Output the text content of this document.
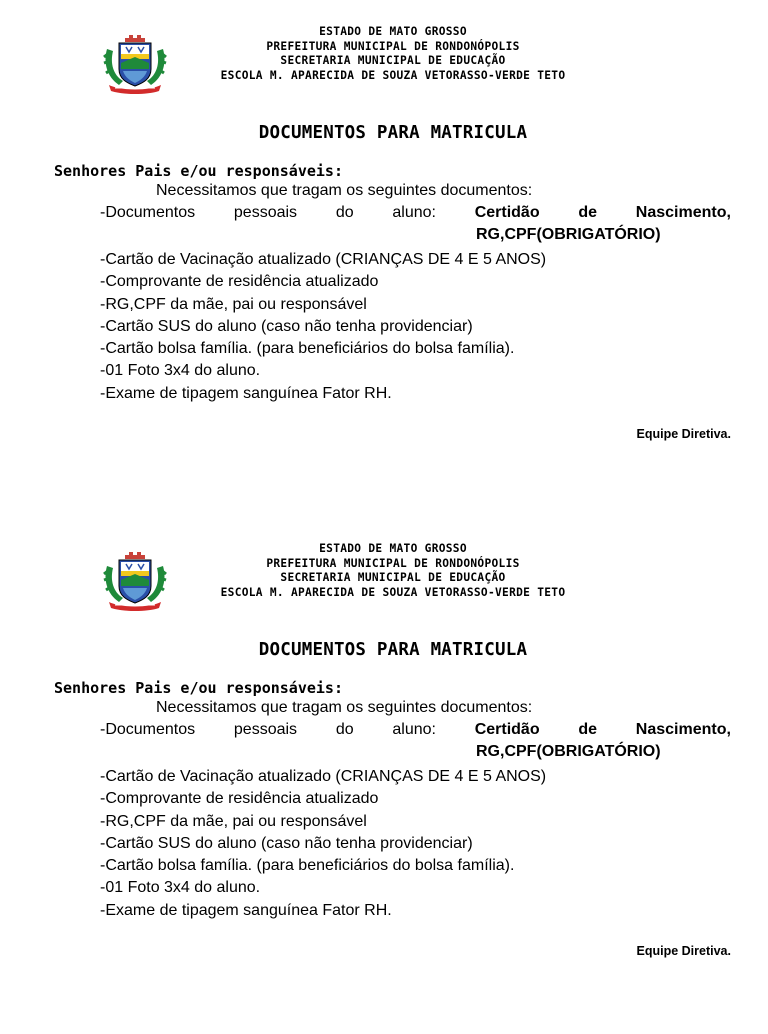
ESTADO DE MATO GROSSO
PREFEITURA MUNICIPAL DE RONDONÓPOLIS
SECRETARIA MUNICIPAL DE EDUCAÇÃO
ESCOLA M. APARECIDA DE SOUZA VETORASSO-VERDE TETO
DOCUMENTOS PARA MATRICULA
Senhores Pais e/ou responsáveis:
Necessitamos que tragam os seguintes documentos:
-Documentos pessoais do aluno: Certidão de Nascimento,
RG,CPF(OBRIGATÓRIO)
-Cartão de Vacinação atualizado (CRIANÇAS DE 4 E 5 ANOS)
-Comprovante de residência atualizado
-RG,CPF da mãe, pai ou responsável
-Cartão SUS do aluno (caso não tenha providenciar)
-Cartão bolsa família. (para beneficiários do bolsa família).
-01 Foto 3x4 do aluno.
-Exame de tipagem sanguínea Fator RH.
Equipe Diretiva.
ESTADO DE MATO GROSSO
PREFEITURA MUNICIPAL DE RONDONÓPOLIS
SECRETARIA MUNICIPAL DE EDUCAÇÃO
ESCOLA M. APARECIDA DE SOUZA VETORASSO-VERDE TETO
DOCUMENTOS PARA MATRICULA
Senhores Pais e/ou responsáveis:
Necessitamos que tragam os seguintes documentos:
-Documentos pessoais do aluno: Certidão de Nascimento,
RG,CPF(OBRIGATÓRIO)
-Cartão de Vacinação atualizado (CRIANÇAS DE 4 E 5 ANOS)
-Comprovante de residência atualizado
-RG,CPF da mãe, pai ou responsável
-Cartão SUS do aluno (caso não tenha providenciar)
-Cartão bolsa família. (para beneficiários do bolsa família).
-01 Foto 3x4 do aluno.
-Exame de tipagem sanguínea Fator RH.
Equipe Diretiva.
